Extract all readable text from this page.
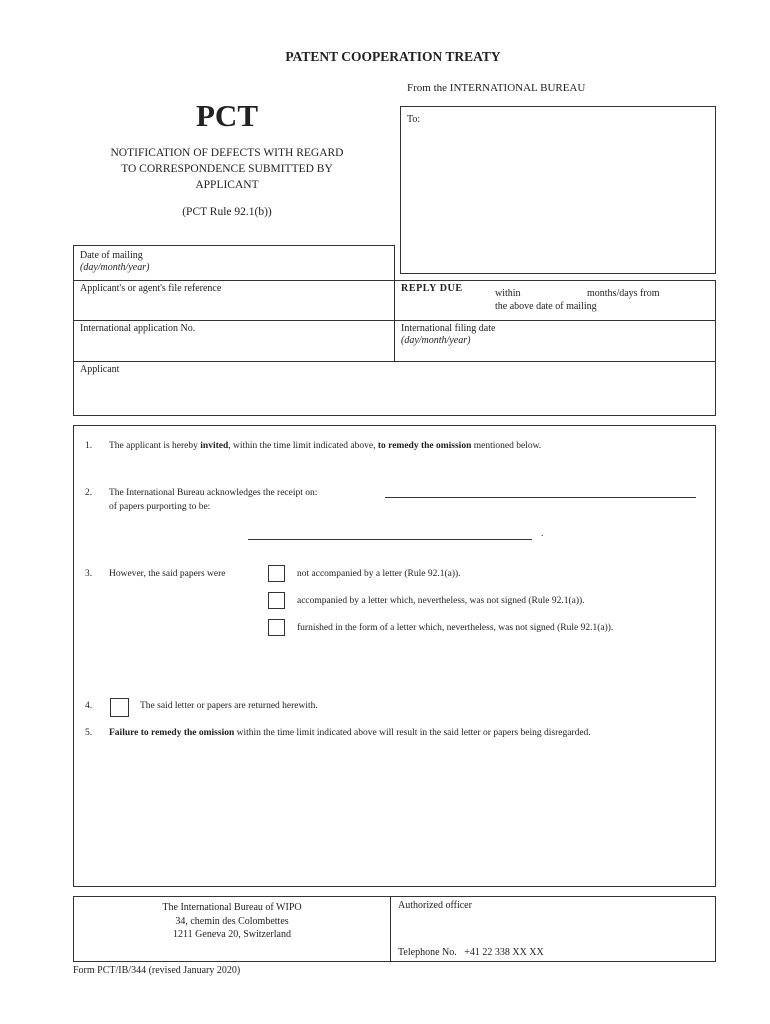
PATENT COOPERATION TREATY
From the INTERNATIONAL BUREAU
PCT
NOTIFICATION OF DEFECTS WITH REGARD
TO CORRESPONDENCE SUBMITTED BY
APPLICANT
(PCT Rule 92.1(b))
To:
Date of mailing
(day/month/year)
Applicant's or agent's file reference	REPLY DUE	within	months/days from
the above date of mailing
International application No.	International filing date
(day/month/year)
Applicant
1. The applicant is hereby invited, within the time limit indicated above, to remedy the omission mentioned below.
2. The International Bureau acknowledges the receipt on:
of papers purporting to be:
.
3. However, the said papers were	not accompanied by a letter (Rule 92.1(a)).
accompanied by a letter which, nevertheless, was not signed (Rule 92.1(a)).
furnished in the form of a letter which, nevertheless, was not signed (Rule 92.1(a)).
4.	The said letter or papers are returned herewith.
5. Failure to remedy the omission within the time limit indicated above will result in the said letter or papers being disregarded.
The International Bureau of WIPO
34, chemin des Colombettes
1211 Geneva 20, Switzerland
Authorized officer
Telephone No.   +41 22 338 XX XX
Form PCT/IB/344 (revised January 2020)
